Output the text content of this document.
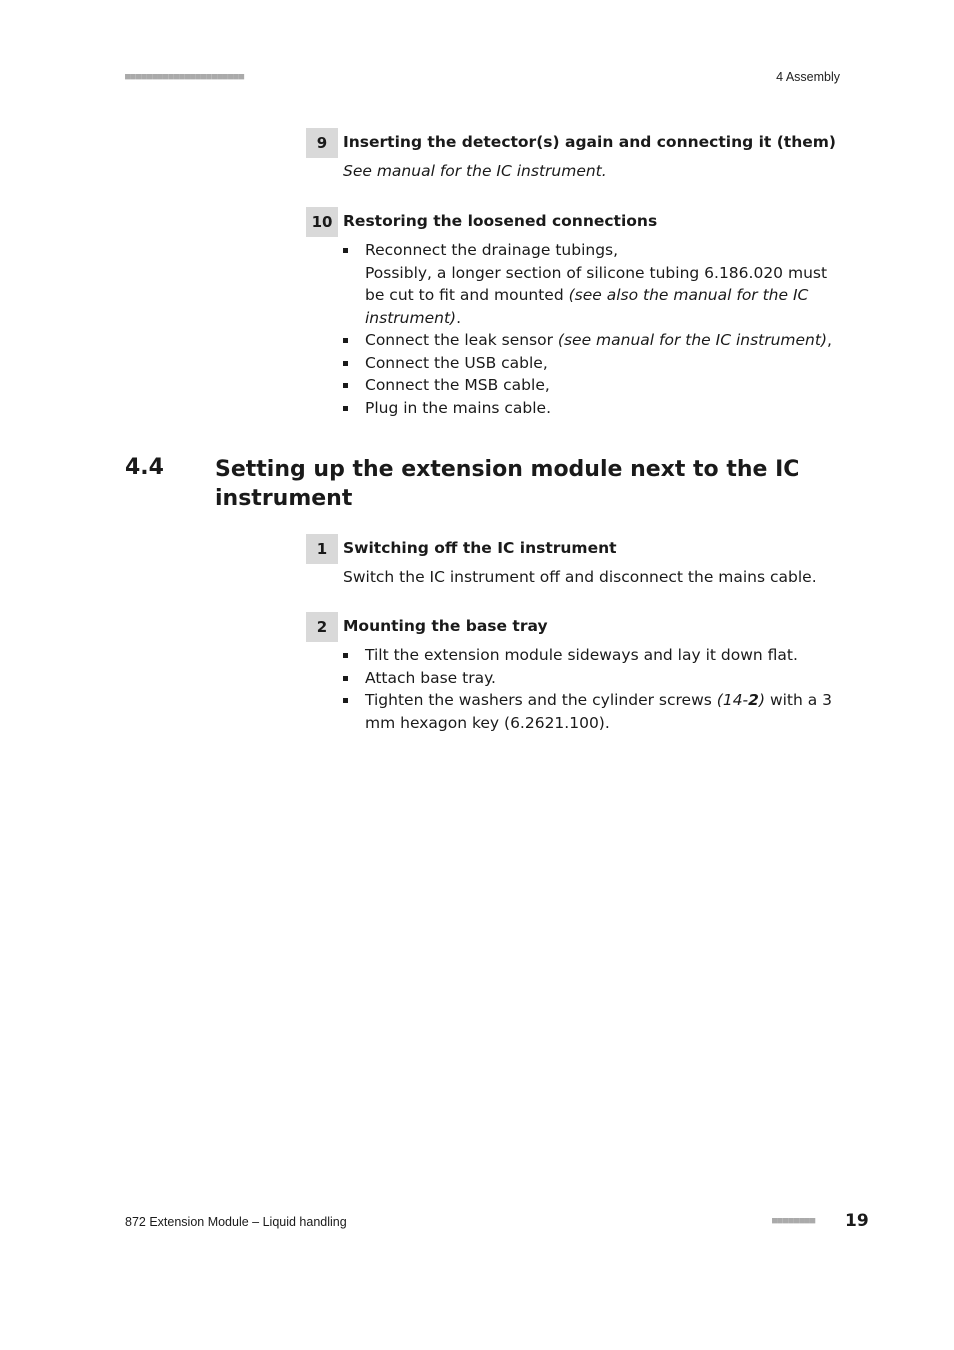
■■■■■■■■■■■■■■■■■■■■■■	4 Assembly
9	Inserting the detector(s) again and connecting it (them)
See manual for the IC instrument.
10 Restoring the loosened connections
Reconnect the drainage tubings,
Possibly, a longer section of silicone tubing 6.186.020 must be cut to fit and mounted (see also the manual for the IC instrument).
Connect the leak sensor (see manual for the IC instrument),
Connect the USB cable,
Connect the MSB cable,
Plug in the mains cable.
4.4 Setting up the extension module next to the IC instrument
1	Switching off the IC instrument
Switch the IC instrument off and disconnect the mains cable.
2	Mounting the base tray
Tilt the extension module sideways and lay it down flat.
Attach base tray.
Tighten the washers and the cylinder screws (14-2) with a 3 mm hexagon key (6.2621.100).
872 Extension Module – Liquid handling	■■■■■■■■ 19
